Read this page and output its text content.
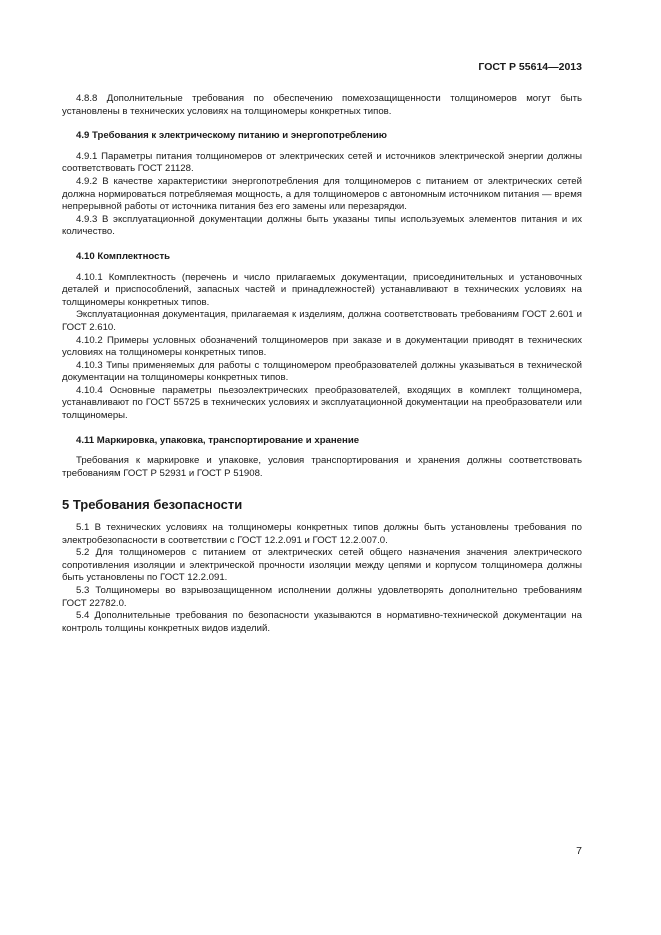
ГОСТ Р 55614—2013

4.8.8 Дополнительные требования по обеспечению помехозащищенности толщиномеров могут быть установлены в технических условиях на толщиномеры конкретных типов.

4.9 Требования к электрическому питанию и энергопотреблению

4.9.1 Параметры питания толщиномеров от электрических сетей и источников электрической энергии должны соответствовать ГОСТ 21128.

4.9.2 В качестве характеристики энергопотребления для толщиномеров с питанием от электрических сетей должна нормироваться потребляемая мощность, а для толщиномеров с автономным источником питания — время непрерывной работы от источника питания без его замены или перезарядки.

4.9.3 В эксплуатационной документации должны быть указаны типы используемых элементов питания и их количество.

4.10 Комплектность

4.10.1 Комплектность (перечень и число прилагаемых документации, присоединительных и установочных деталей и приспособлений, запасных частей и принадлежностей) устанавливают в технических условиях на толщиномеры конкретных типов.

Эксплуатационная документация, прилагаемая к изделиям, должна соответствовать требованиям ГОСТ 2.601 и ГОСТ 2.610.

4.10.2 Примеры условных обозначений толщиномеров при заказе и в документации приводят в технических условиях на толщиномеры конкретных типов.

4.10.3 Типы применяемых для работы с толщиномером преобразователей должны указываться в технической документации на толщиномеры конкретных типов.

4.10.4 Основные параметры пьезоэлектрических преобразователей, входящих в комплект толщиномера, устанавливают по ГОСТ 55725 в технических условиях и эксплуатационной документации на преобразователи или толщиномеры.

4.11 Маркировка, упаковка, транспортирование и хранение

Требования к маркировке и упаковке, условия транспортирования и хранения должны соответствовать требованиям ГОСТ Р 52931 и ГОСТ Р 51908.

5 Требования безопасности

5.1 В технических условиях на толщиномеры конкретных типов должны быть установлены требования по электробезопасности в соответствии с ГОСТ 12.2.091 и ГОСТ 12.2.007.0.

5.2 Для толщиномеров с питанием от электрических сетей общего назначения значения электрического сопротивления изоляции и электрической прочности изоляции между цепями и корпусом толщиномера должны быть установлены по ГОСТ 12.2.091.

5.3 Толщиномеры во взрывозащищенном исполнении должны удовлетворять дополнительно требованиям ГОСТ 22782.0.

5.4 Дополнительные требования по безопасности указываются в нормативно-технической документации на контроль толщины конкретных видов изделий.

7
